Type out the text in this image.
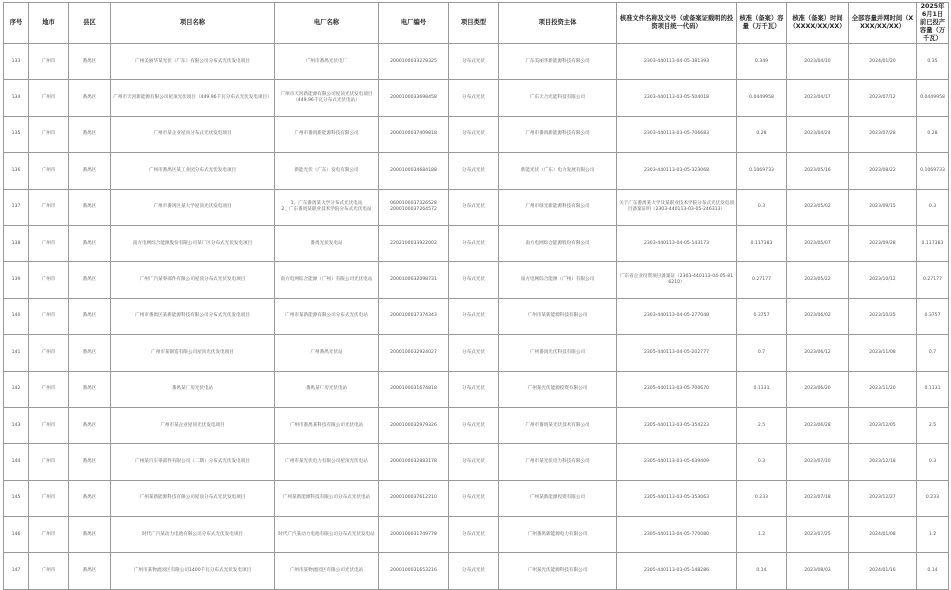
序号	地市	县区	项目名称	电厂名称	电厂编号	项目类型	项目投资主体	核准文件名称及文号（或备案证载明的投资项目统一代码）	核准（备案）容量（万千瓦）	核准（备案）时间（XXXX/XX/XX）	全部容量并网时间（XXXX/XX/XX）	2025年6月1日前已投产容量（万千瓦）
133	广州市	番禺区	广州美丽华某光伏（广东）有限公司分布式光伏发电项目	广州市番禺光伏电厂	2000100033278325	分布式光伏	广东美丽华新能源科技有限公司	2303-440113-04-05-381393	0.349	2023/04/10	2024/01/20	0.35
134	广州市	番禺区	广州市天河新能源有限公司屋顶光伏项目（449.96千瓦分布式光伏发电项目）	广州市天河新能源有限公司屋顶光伏发电项目（449.96千瓦分布式光伏电站）	2000100033698458	分布式光伏	广东天合光能科技有限公司	2303-440113-03-05-504018	0.0449958	2023/04/17	2023/07/12	0.0449958
135	广州市	番禺区	广州市某企业屋顶分布式光伏发电项目	广州市番禺新能源科技有限公司	2000100037409818	分布式光伏	广州市番禺新能源科技有限公司	2303-440113-03-05-706683	0.28	2023/04/24	2023/07/28	0.28
136	广州市	番禺区	广州市番禺区某工业园分布式光伏发电项目	新能光伏（广东）发电有限公司	2000100034684188	分布式光伏	新能光伏（广东）电力发展有限公司	2303-440113-03-05-323068	0.1069733	2023/05/16	2023/08/22	0.1069733
137	广州市	番禺区	广州市番禺区某大学屋顶光伏发电项目	1、广东番禺某大学分布式光伏电站
2、广东番禺某职业技术学院分布式光伏电站	0600100037326528
2000100037264572	分布式光伏	广州市绿光新能源科技有限公司	关于广东番禺某大学及某职业技术学院分布式光伏发电项目备案证明（2303-440113-03-05-246313）	0.3	2023/05/02	2023/09/15	0.3
138	广州市	番禺区	南方电网综合能源股份有限公司某厂区分布式光伏发电项目	番禺光伏发电站	2202100033922002	分布式光伏	南方电网综合能源股份有限公司	2303-440113-04-05-143173	0.117383	2023/05/07	2023/09/28	0.117383
139	广州市	番禺区	广州广汽某零部件有限公司屋顶分布式光伏发电项目	南方电网综合能源（广州）有限公司光伏电站	2000100032098731	分布式光伏	南方电网综合能源（广州）有限公司	广东省企业投资项目备案证（2303-440113-04-05-816210）	0.27177	2023/05/22	2023/10/12	0.27177
140	广州市	番禺区	广州市番禺区某新能源科技有限公司分布式光伏发电项目	广州市某新能源有限公司分布式光伏电站	2000100037374343	分布式光伏	广州市某新能源科技有限公司	2303-440113-04-05-277048	0.3757	2023/06/02	2023/10/25	0.3757
141	广州市	番禺区	广州市某制造有限公司屋顶光伏发电项目	广州番禺光伏站	2000100032924027	分布式光伏	广州番禺光伏科技有限公司	2305-440113-04-05-202777	0.7	2023/06/12	2023/11/08	0.7
142	广州市	番禺区	番禺某厂房光伏电站	番禺某厂房光伏电站	2000100031674818	分布式光伏	广州某光伏能源投资有限公司	2305-440113-03-05-700670	0.1131	2023/06/20	2023/11/20	0.1131
143	广州市	番禺区	广州市某企业屋顶光伏发电项目	广州市番禺某科技有限公司光伏电站	2000100032979326	分布式光伏	广州市番禺某光伏技术有限公司	2305-440113-03-05-354223	2.5	2023/06/28	2023/12/05	2.5
144	广州市	番禺区	广州某汽车零部件有限公司（二期）分布式光伏发电项目	广州市某光伏电力有限公司屋顶光伏电站	2000100032883178	分布式光伏	广州市某光伏电力科技有限公司	2305-440113-03-05-639409	0.3	2023/07/10	2023/12/18	0.3
145	广州市	番禺区	广州某新能源科技有限公司屋顶分布式光伏发电项目	广州某新能源科技有限公司分布式光伏电站	2000100037612210	分布式光伏	广州某新能源投资有限公司	2305-440113-03-05-353063	0.233	2023/07/18	2023/12/27	0.233
146	广州市	番禺区	时代广汽某动力电池有限公司分布式光伏发电项目	时代广汽某动力电池有限公司分布式光伏发电站	2000100031749778	分布式光伏	广州番禺新能源电力有限公司	2305-440113-04-05-770080	1.2	2023/07/25	2024/01/08	1.2
147	广州市	番禺区	广州市某物流园区有限公司1400千瓦分布式光伏发电项目	广州市某物流园区有限公司光伏电站	2000100031653216	分布式光伏	广州某光伏能源科技有限公司	2305-440113-03-05-148286	0.14	2023/08/03	2024/01/16	0.14
